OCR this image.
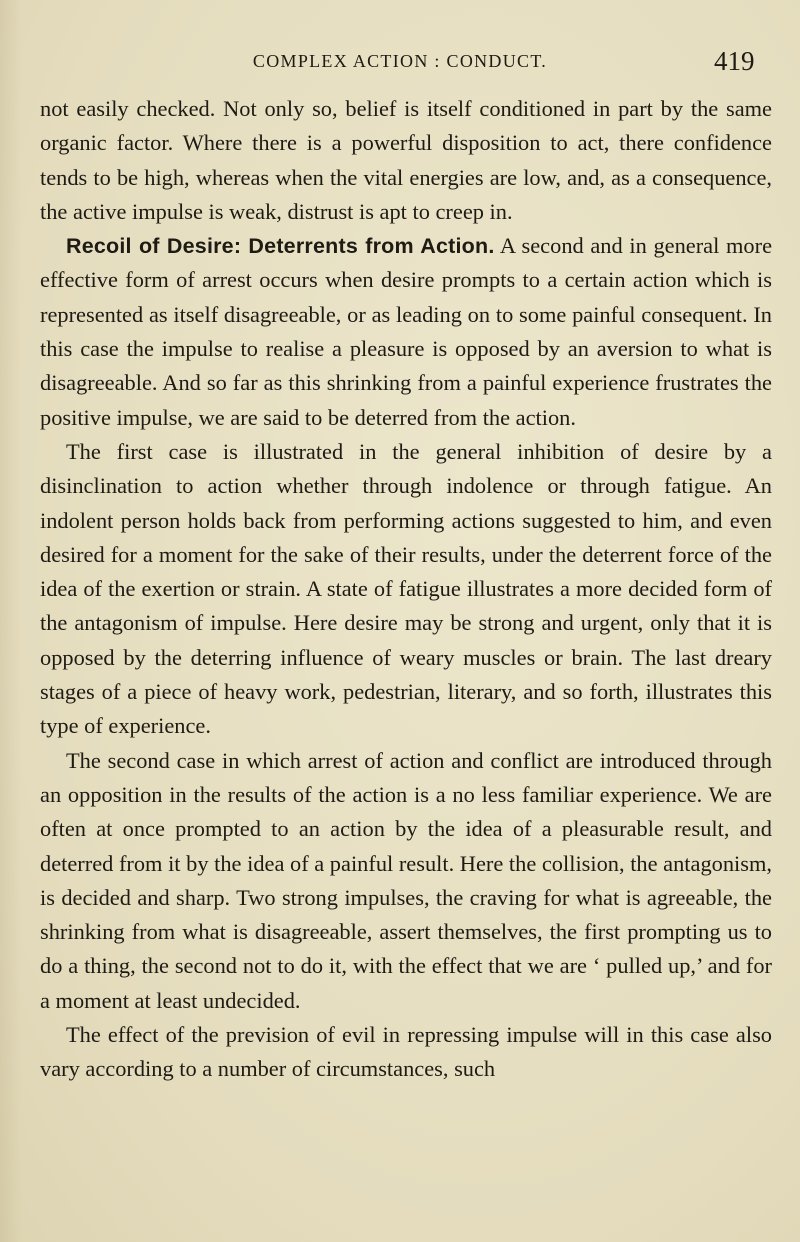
COMPLEX ACTION : CONDUCT.	419

not easily checked. Not only so, belief is itself conditioned in part by the same organic factor. Where there is a powerful disposition to act, there confidence tends to be high, whereas when the vital energies are low, and, as a consequence, the active impulse is weak, distrust is apt to creep in.

Recoil of Desire: Deterrents from Action. A second and in general more effective form of arrest occurs when desire prompts to a certain action which is represented as itself disagreeable, or as leading on to some painful consequent. In this case the impulse to realise a pleasure is opposed by an aversion to what is disagreeable. And so far as this shrinking from a painful experience frustrates the positive impulse, we are said to be deterred from the action.

The first case is illustrated in the general inhibition of desire by a disinclination to action whether through indolence or through fatigue. An indolent person holds back from performing actions suggested to him, and even desired for a moment for the sake of their results, under the deterrent force of the idea of the exertion or strain. A state of fatigue illustrates a more decided form of the antagonism of impulse. Here desire may be strong and urgent, only that it is opposed by the deterring influence of weary muscles or brain. The last dreary stages of a piece of heavy work, pedestrian, literary, and so forth, illustrates this type of experience.

The second case in which arrest of action and conflict are introduced through an opposition in the results of the action is a no less familiar experience. We are often at once prompted to an action by the idea of a pleasurable result, and deterred from it by the idea of a painful result. Here the collision, the antagonism, is decided and sharp. Two strong impulses, the craving for what is agreeable, the shrinking from what is disagreeable, assert themselves, the first prompting us to do a thing, the second not to do it, with the effect that we are ‘ pulled up,’ and for a moment at least undecided.

The effect of the prevision of evil in repressing impulse will in this case also vary according to a number of circumstances, such
